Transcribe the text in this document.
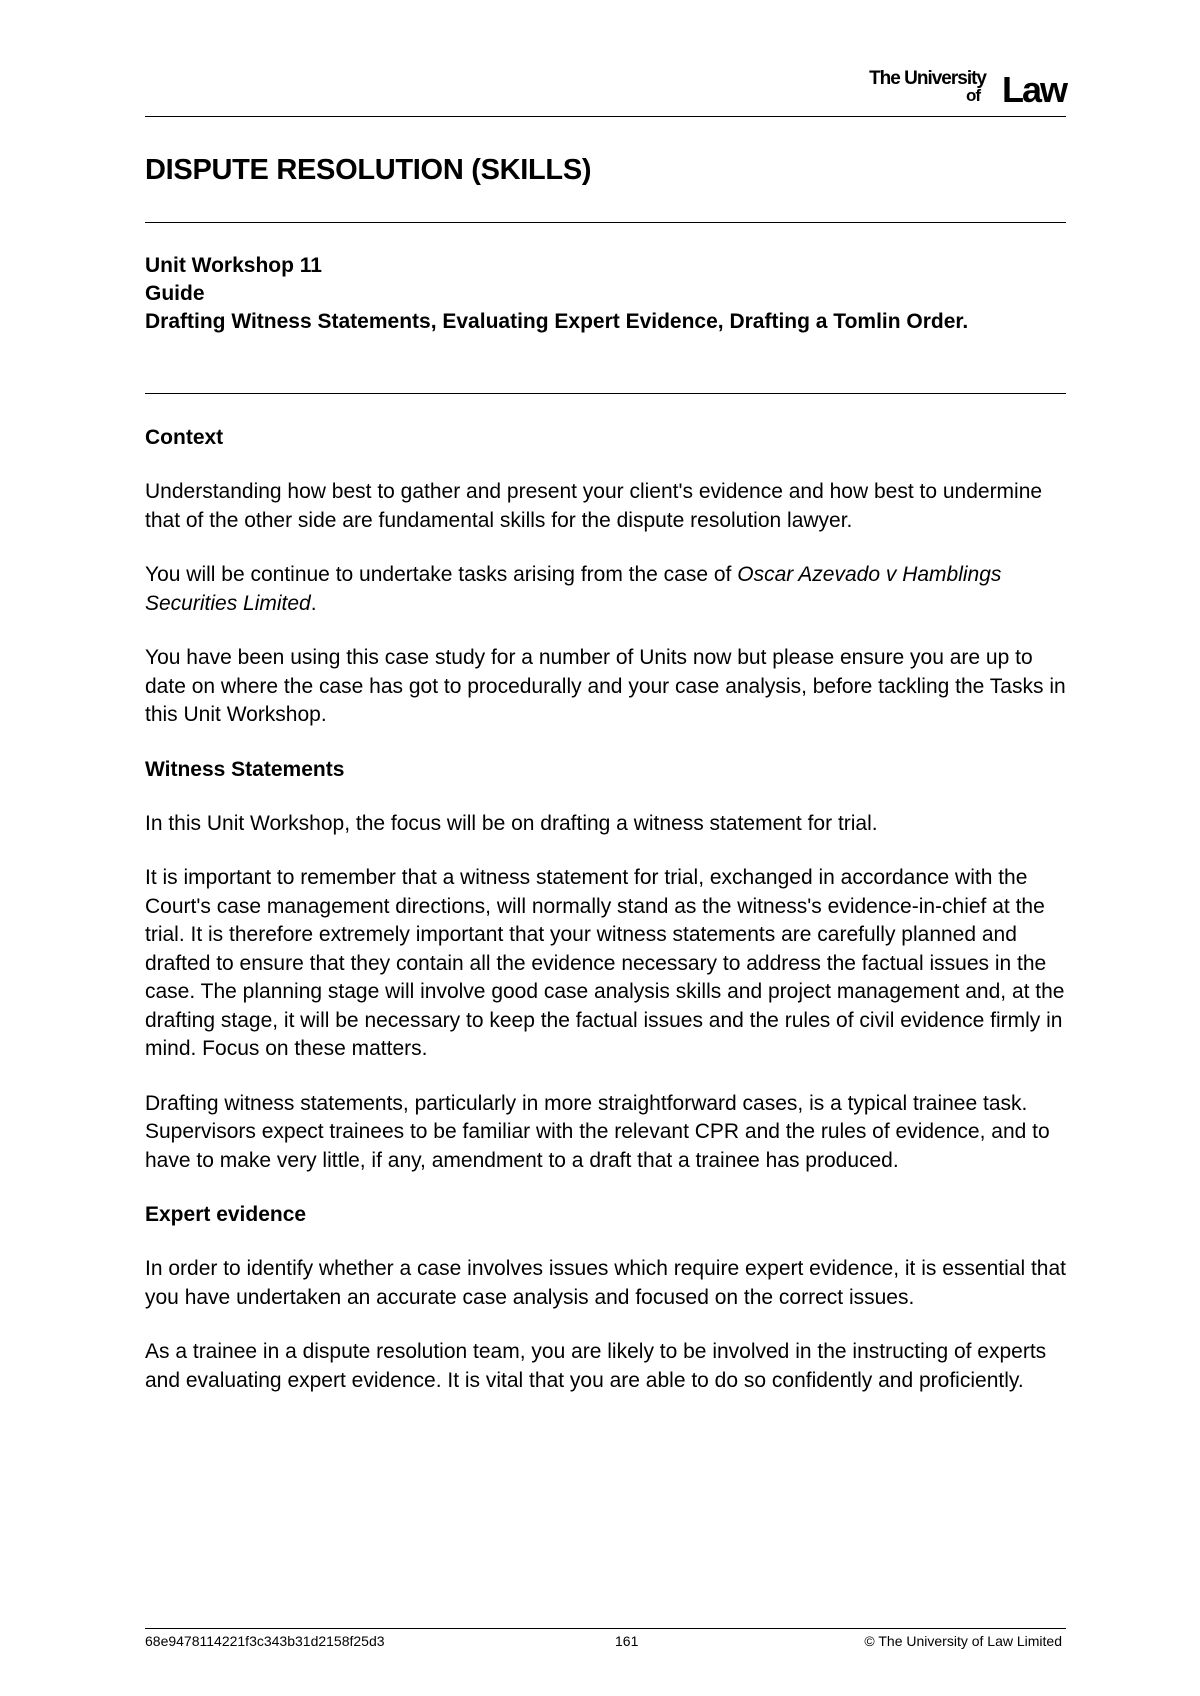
The University
of Law
DISPUTE RESOLUTION (SKILLS)
Unit Workshop 11
Guide
Drafting Witness Statements, Evaluating Expert Evidence, Drafting a Tomlin Order.
Context

Understanding how best to gather and present your client's evidence and how best to undermine that of the other side are fundamental skills for the dispute resolution lawyer.

You will be continue to undertake tasks arising from the case of Oscar Azevado v Hamblings Securities Limited.

You have been using this case study for a number of Units now but please ensure you are up to date on where the case has got to procedurally and your case analysis, before tackling the Tasks in this Unit Workshop.

Witness Statements

In this Unit Workshop, the focus will be on drafting a witness statement for trial.

It is important to remember that a witness statement for trial, exchanged in accordance with the Court's case management directions, will normally stand as the witness's evidence-in-chief at the trial. It is therefore extremely important that your witness statements are carefully planned and drafted to ensure that they contain all the evidence necessary to address the factual issues in the case. The planning stage will involve good case analysis skills and project management and, at the drafting stage, it will be necessary to keep the factual issues and the rules of civil evidence firmly in mind. Focus on these matters.

Drafting witness statements, particularly in more straightforward cases, is a typical trainee task. Supervisors expect trainees to be familiar with the relevant CPR and the rules of evidence, and to have to make very little, if any, amendment to a draft that a trainee has produced.

Expert evidence

In order to identify whether a case involves issues which require expert evidence, it is essential that you have undertaken an accurate case analysis and focused on the correct issues.

As a trainee in a dispute resolution team, you are likely to be involved in the instructing of experts and evaluating expert evidence. It is vital that you are able to do so confidently and proficiently.

68e9478114221f3c343b31d2158f25d3	161	© The University of Law Limited
